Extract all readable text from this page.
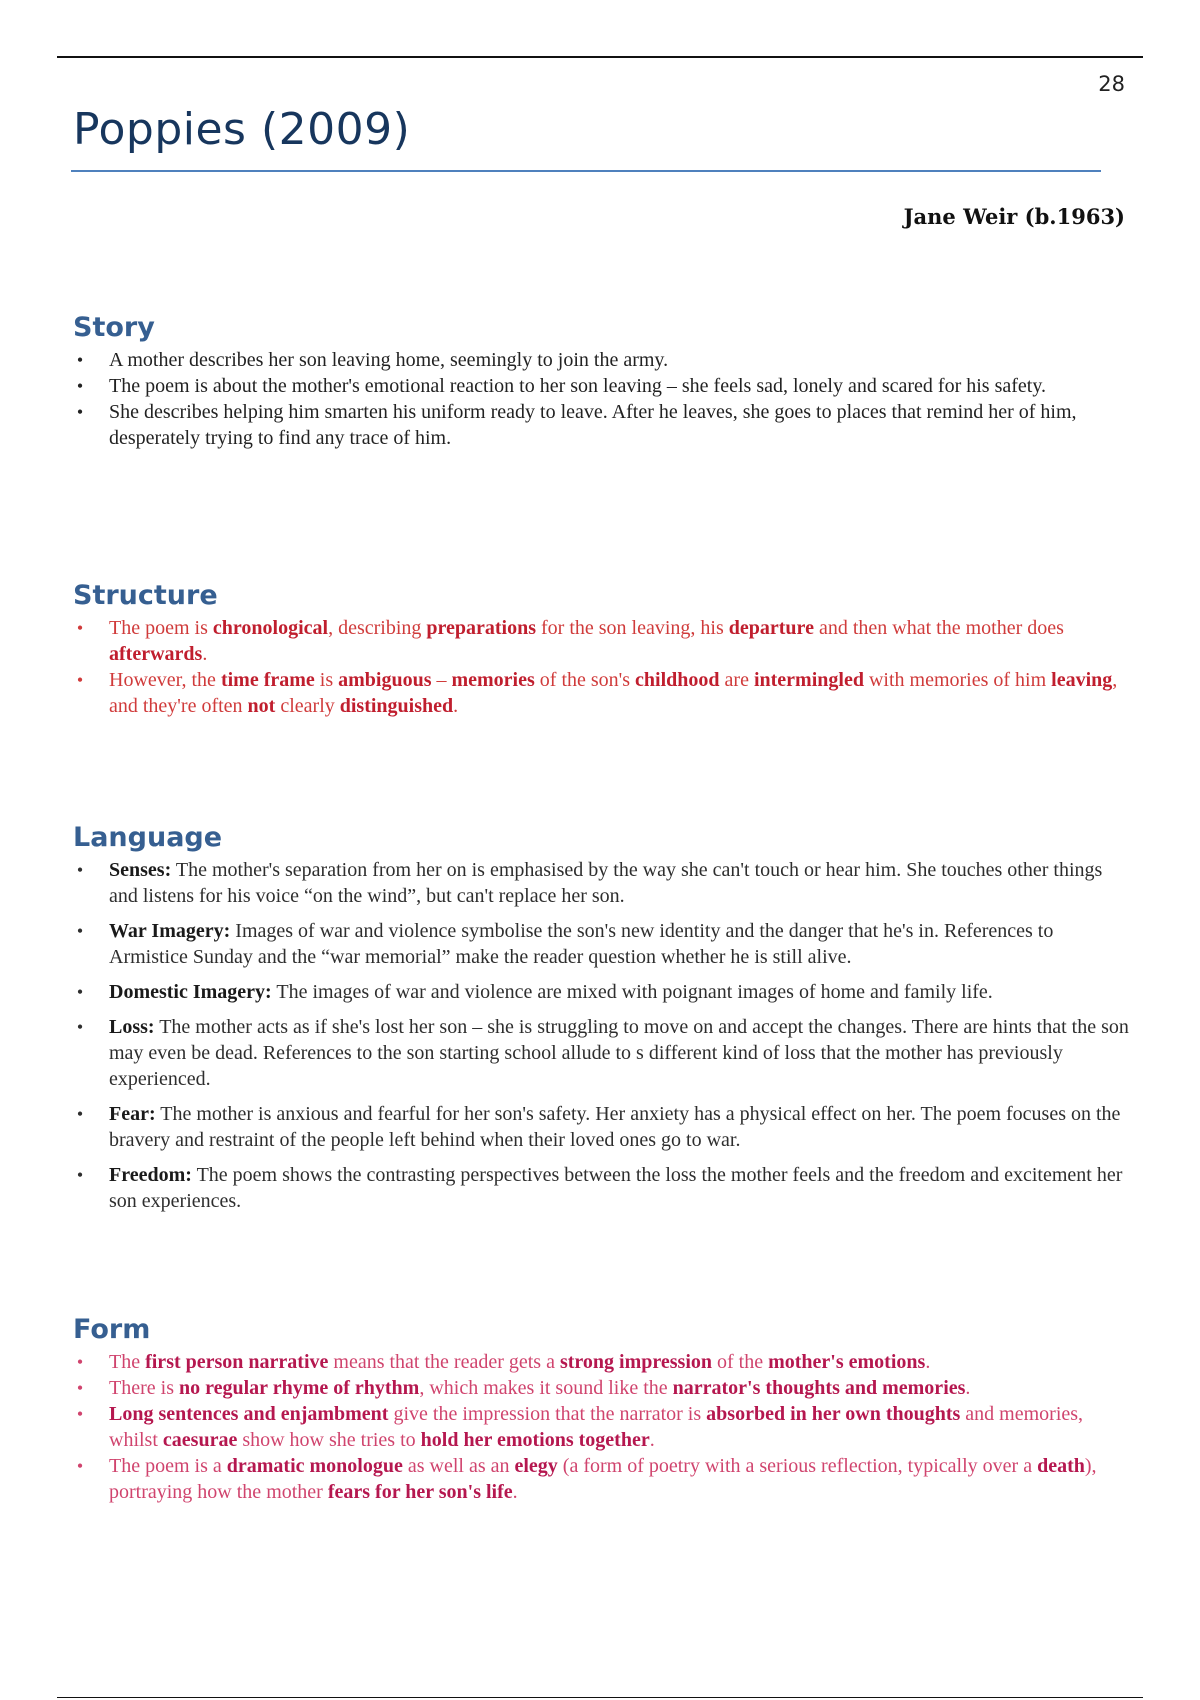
28
Poppies (2009)
Jane Weir (b.1963)
Story
• A mother describes her son leaving home, seemingly to join the army.
• The poem is about the mother's emotional reaction to her son leaving – she feels sad, lonely and scared for his safety.
• She describes helping him smarten his uniform ready to leave. After he leaves, she goes to places that remind her of him, desperately trying to find any trace of him.
Structure
• The poem is chronological, describing preparations for the son leaving, his departure and then what the mother does afterwards.
• However, the time frame is ambiguous – memories of the son's childhood are intermingled with memories of him leaving, and they're often not clearly distinguished.
Language
• Senses: The mother's separation from her on is emphasised by the way she can't touch or hear him. She touches other things and listens for his voice “on the wind”, but can't replace her son.
• War Imagery: Images of war and violence symbolise the son's new identity and the danger that he's in. References to Armistice Sunday and the “war memorial” make the reader question whether he is still alive.
• Domestic Imagery: The images of war and violence are mixed with poignant images of home and family life.
• Loss: The mother acts as if she's lost her son – she is struggling to move on and accept the changes. There are hints that the son may even be dead. References to the son starting school allude to s different kind of loss that the mother has previously experienced.
• Fear: The mother is anxious and fearful for her son's safety. Her anxiety has a physical effect on her. The poem focuses on the bravery and restraint of the people left behind when their loved ones go to war.
• Freedom: The poem shows the contrasting perspectives between the loss the mother feels and the freedom and excitement her son experiences.
Form
• The first person narrative means that the reader gets a strong impression of the mother's emotions.
• There is no regular rhyme of rhythm, which makes it sound like the narrator's thoughts and memories.
• Long sentences and enjambment give the impression that the narrator is absorbed in her own thoughts and memories, whilst caesurae show how she tries to hold her emotions together.
• The poem is a dramatic monologue as well as an elegy (a form of poetry with a serious reflection, typically over a death), portraying how the mother fears for her son's life.
